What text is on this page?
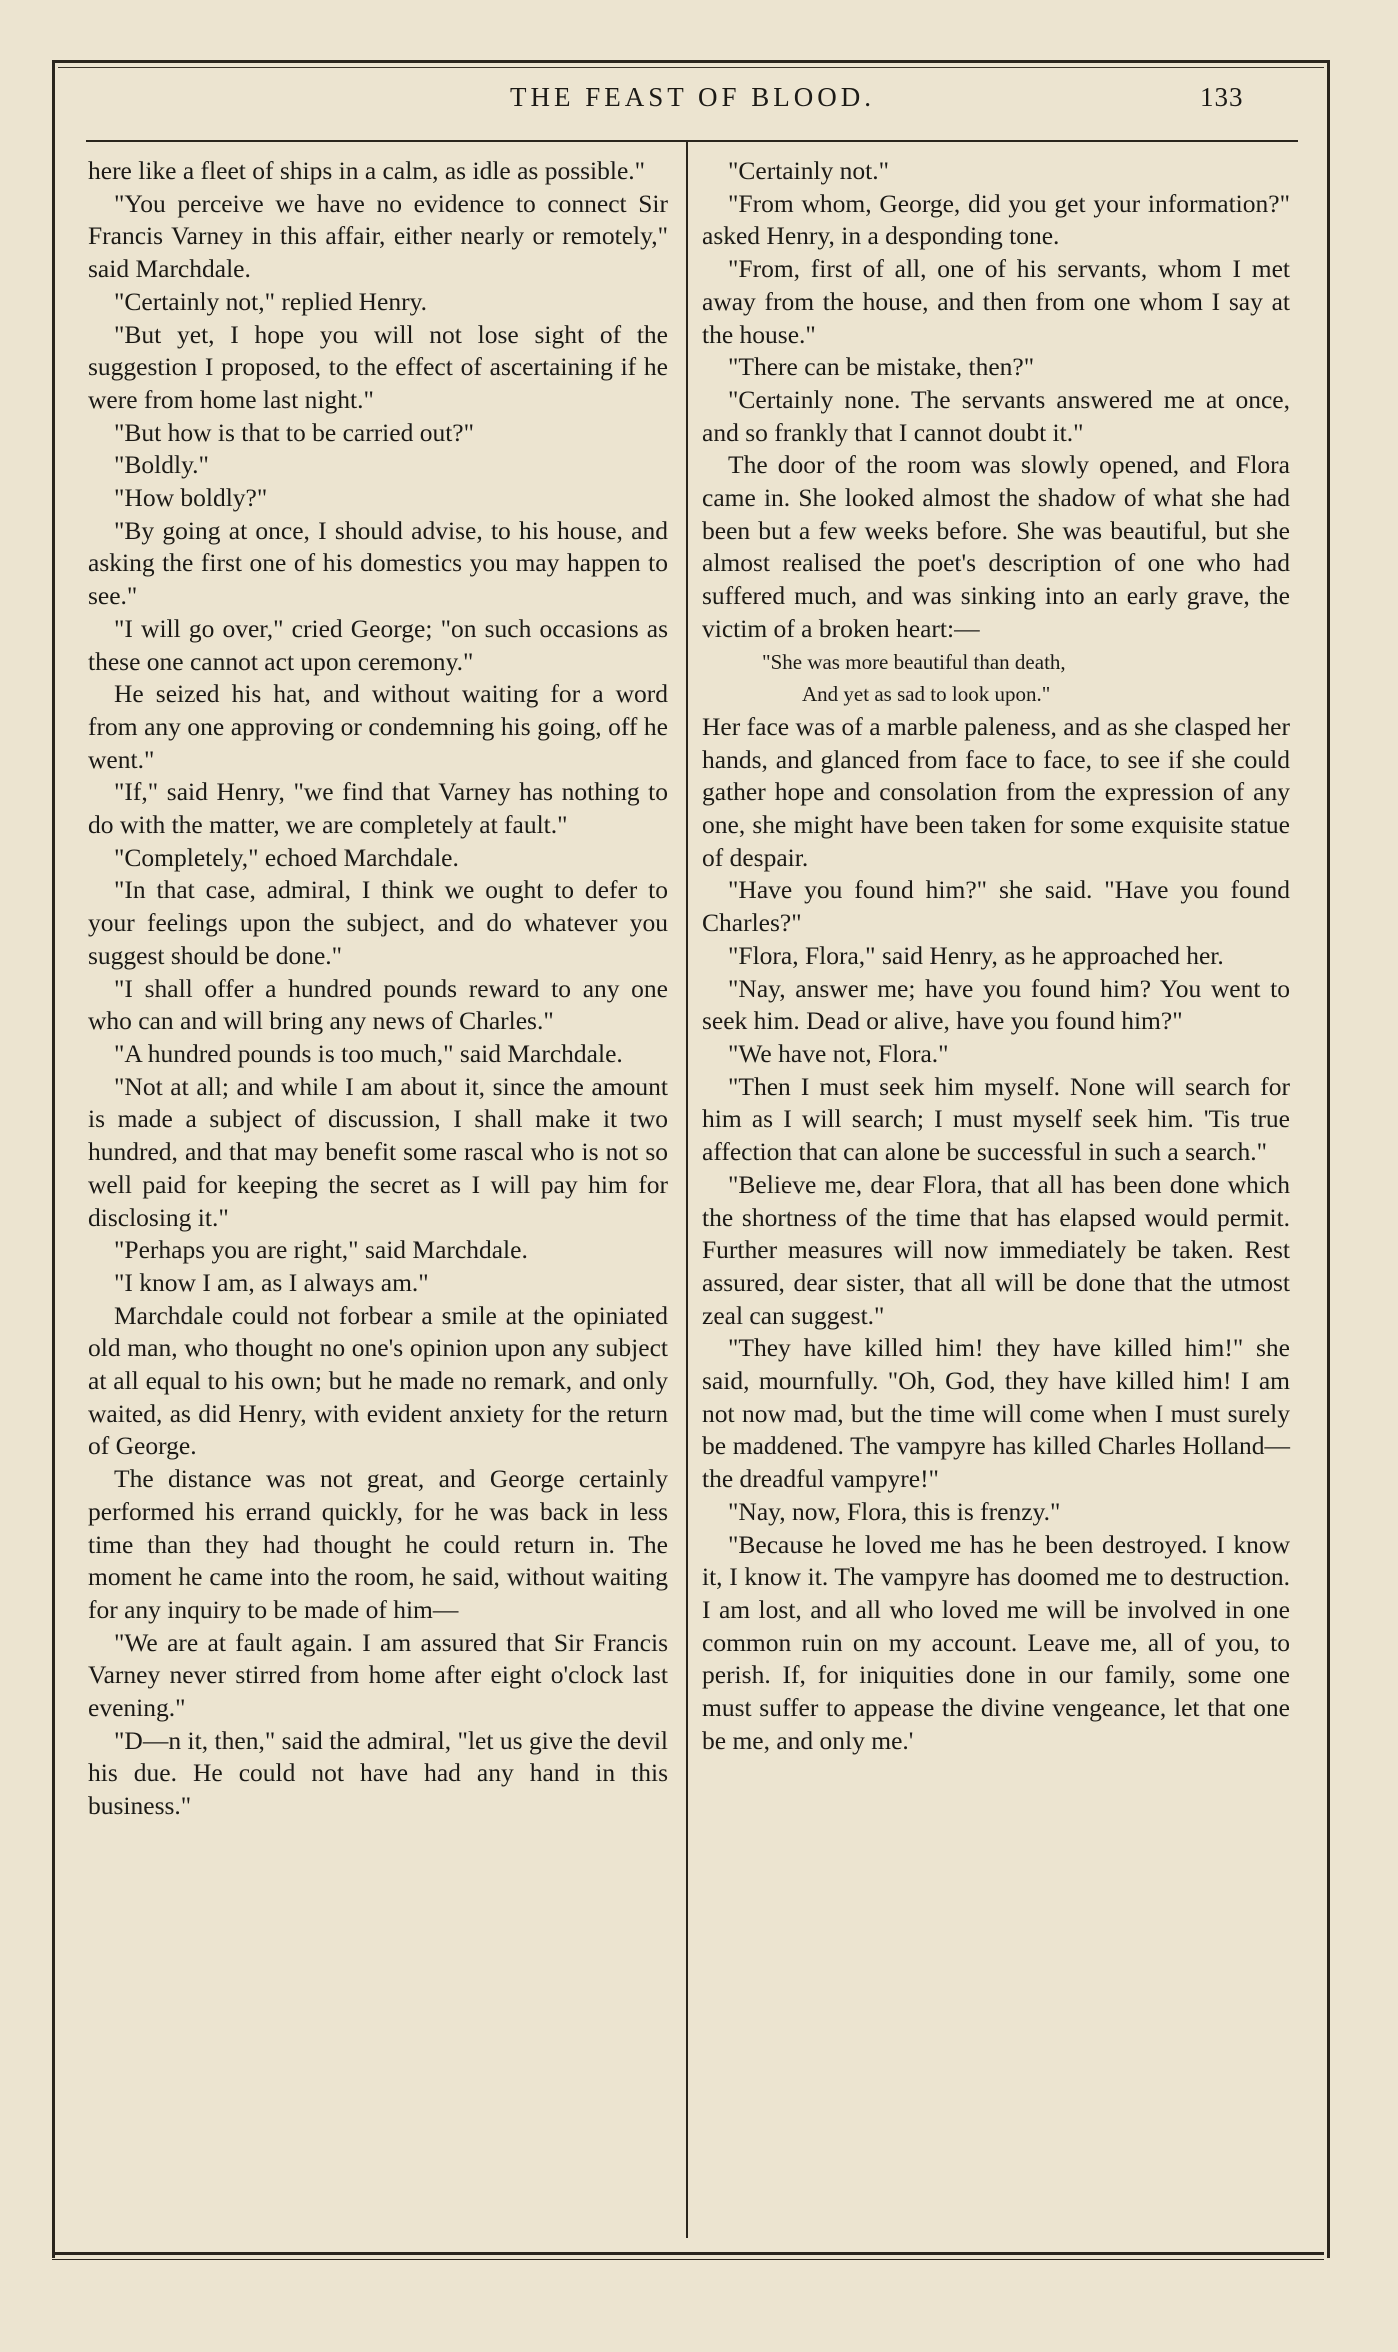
THE FEAST OF BLOOD.	133

here like a fleet of ships in a calm, as idle as possible."

"You perceive we have no evidence to connect Sir Francis Varney in this affair, either nearly or remotely," said Marchdale.

"Certainly not," replied Henry.

"But yet, I hope you will not lose sight of the suggestion I proposed, to the effect of ascertaining if he were from home last night."

"But how is that to be carried out?"

"Boldly."

"How boldly?"

"By going at once, I should advise, to his house, and asking the first one of his domestics you may happen to see."

"I will go over," cried George; "on such occasions as these one cannot act upon ceremony."

He seized his hat, and without waiting for a word from any one approving or condemning his going, off he went."

"If," said Henry, "we find that Varney has nothing to do with the matter, we are completely at fault."

"Completely," echoed Marchdale.

"In that case, admiral, I think we ought to defer to your feelings upon the subject, and do whatever you suggest should be done."

"I shall offer a hundred pounds reward to any one who can and will bring any news of Charles."

"A hundred pounds is too much," said Marchdale.

"Not at all; and while I am about it, since the amount is made a subject of discussion, I shall make it two hundred, and that may benefit some rascal who is not so well paid for keeping the secret as I will pay him for disclosing it."

"Perhaps you are right," said Marchdale.

"I know I am, as I always am."

Marchdale could not forbear a smile at the opiniated old man, who thought no one's opinion upon any subject at all equal to his own; but he made no remark, and only waited, as did Henry, with evident anxiety for the return of George.

The distance was not great, and George certainly performed his errand quickly, for he was back in less time than they had thought he could return in. The moment he came into the room, he said, without waiting for any inquiry to be made of him—

"We are at fault again. I am assured that Sir Francis Varney never stirred from home after eight o'clock last evening."

"D—n it, then," said the admiral, "let us give the devil his due. He could not have had any hand in this business."

"Certainly not."

"From whom, George, did you get your information?" asked Henry, in a desponding tone.

"From, first of all, one of his servants, whom I met away from the house, and then from one whom I say at the house."

"There can be mistake, then?"

"Certainly none. The servants answered me at once, and so frankly that I cannot doubt it."

The door of the room was slowly opened, and Flora came in. She looked almost the shadow of what she had been but a few weeks before. She was beautiful, but she almost realised the poet's description of one who had suffered much, and was sinking into an early grave, the victim of a broken heart:—

"She was more beautiful than death,
And yet as sad to look upon."

Her face was of a marble paleness, and as she clasped her hands, and glanced from face to face, to see if she could gather hope and consolation from the expression of any one, she might have been taken for some exquisite statue of despair.

"Have you found him?" she said. "Have you found Charles?"

"Flora, Flora," said Henry, as he approached her.

"Nay, answer me; have you found him? You went to seek him. Dead or alive, have you found him?"

"We have not, Flora."

"Then I must seek him myself. None will search for him as I will search; I must myself seek him. 'Tis true affection that can alone be successful in such a search."

"Believe me, dear Flora, that all has been done which the shortness of the time that has elapsed would permit. Further measures will now immediately be taken. Rest assured, dear sister, that all will be done that the utmost zeal can suggest."

"They have killed him! they have killed him!" she said, mournfully. "Oh, God, they have killed him! I am not now mad, but the time will come when I must surely be maddened. The vampyre has killed Charles Holland—the dreadful vampyre!"

"Nay, now, Flora, this is frenzy."

"Because he loved me has he been destroyed. I know it, I know it. The vampyre has doomed me to destruction. I am lost, and all who loved me will be involved in one common ruin on my account. Leave me, all of you, to perish. If, for iniquities done in our family, some one must suffer to appease the divine vengeance, let that one be me, and only me.'
